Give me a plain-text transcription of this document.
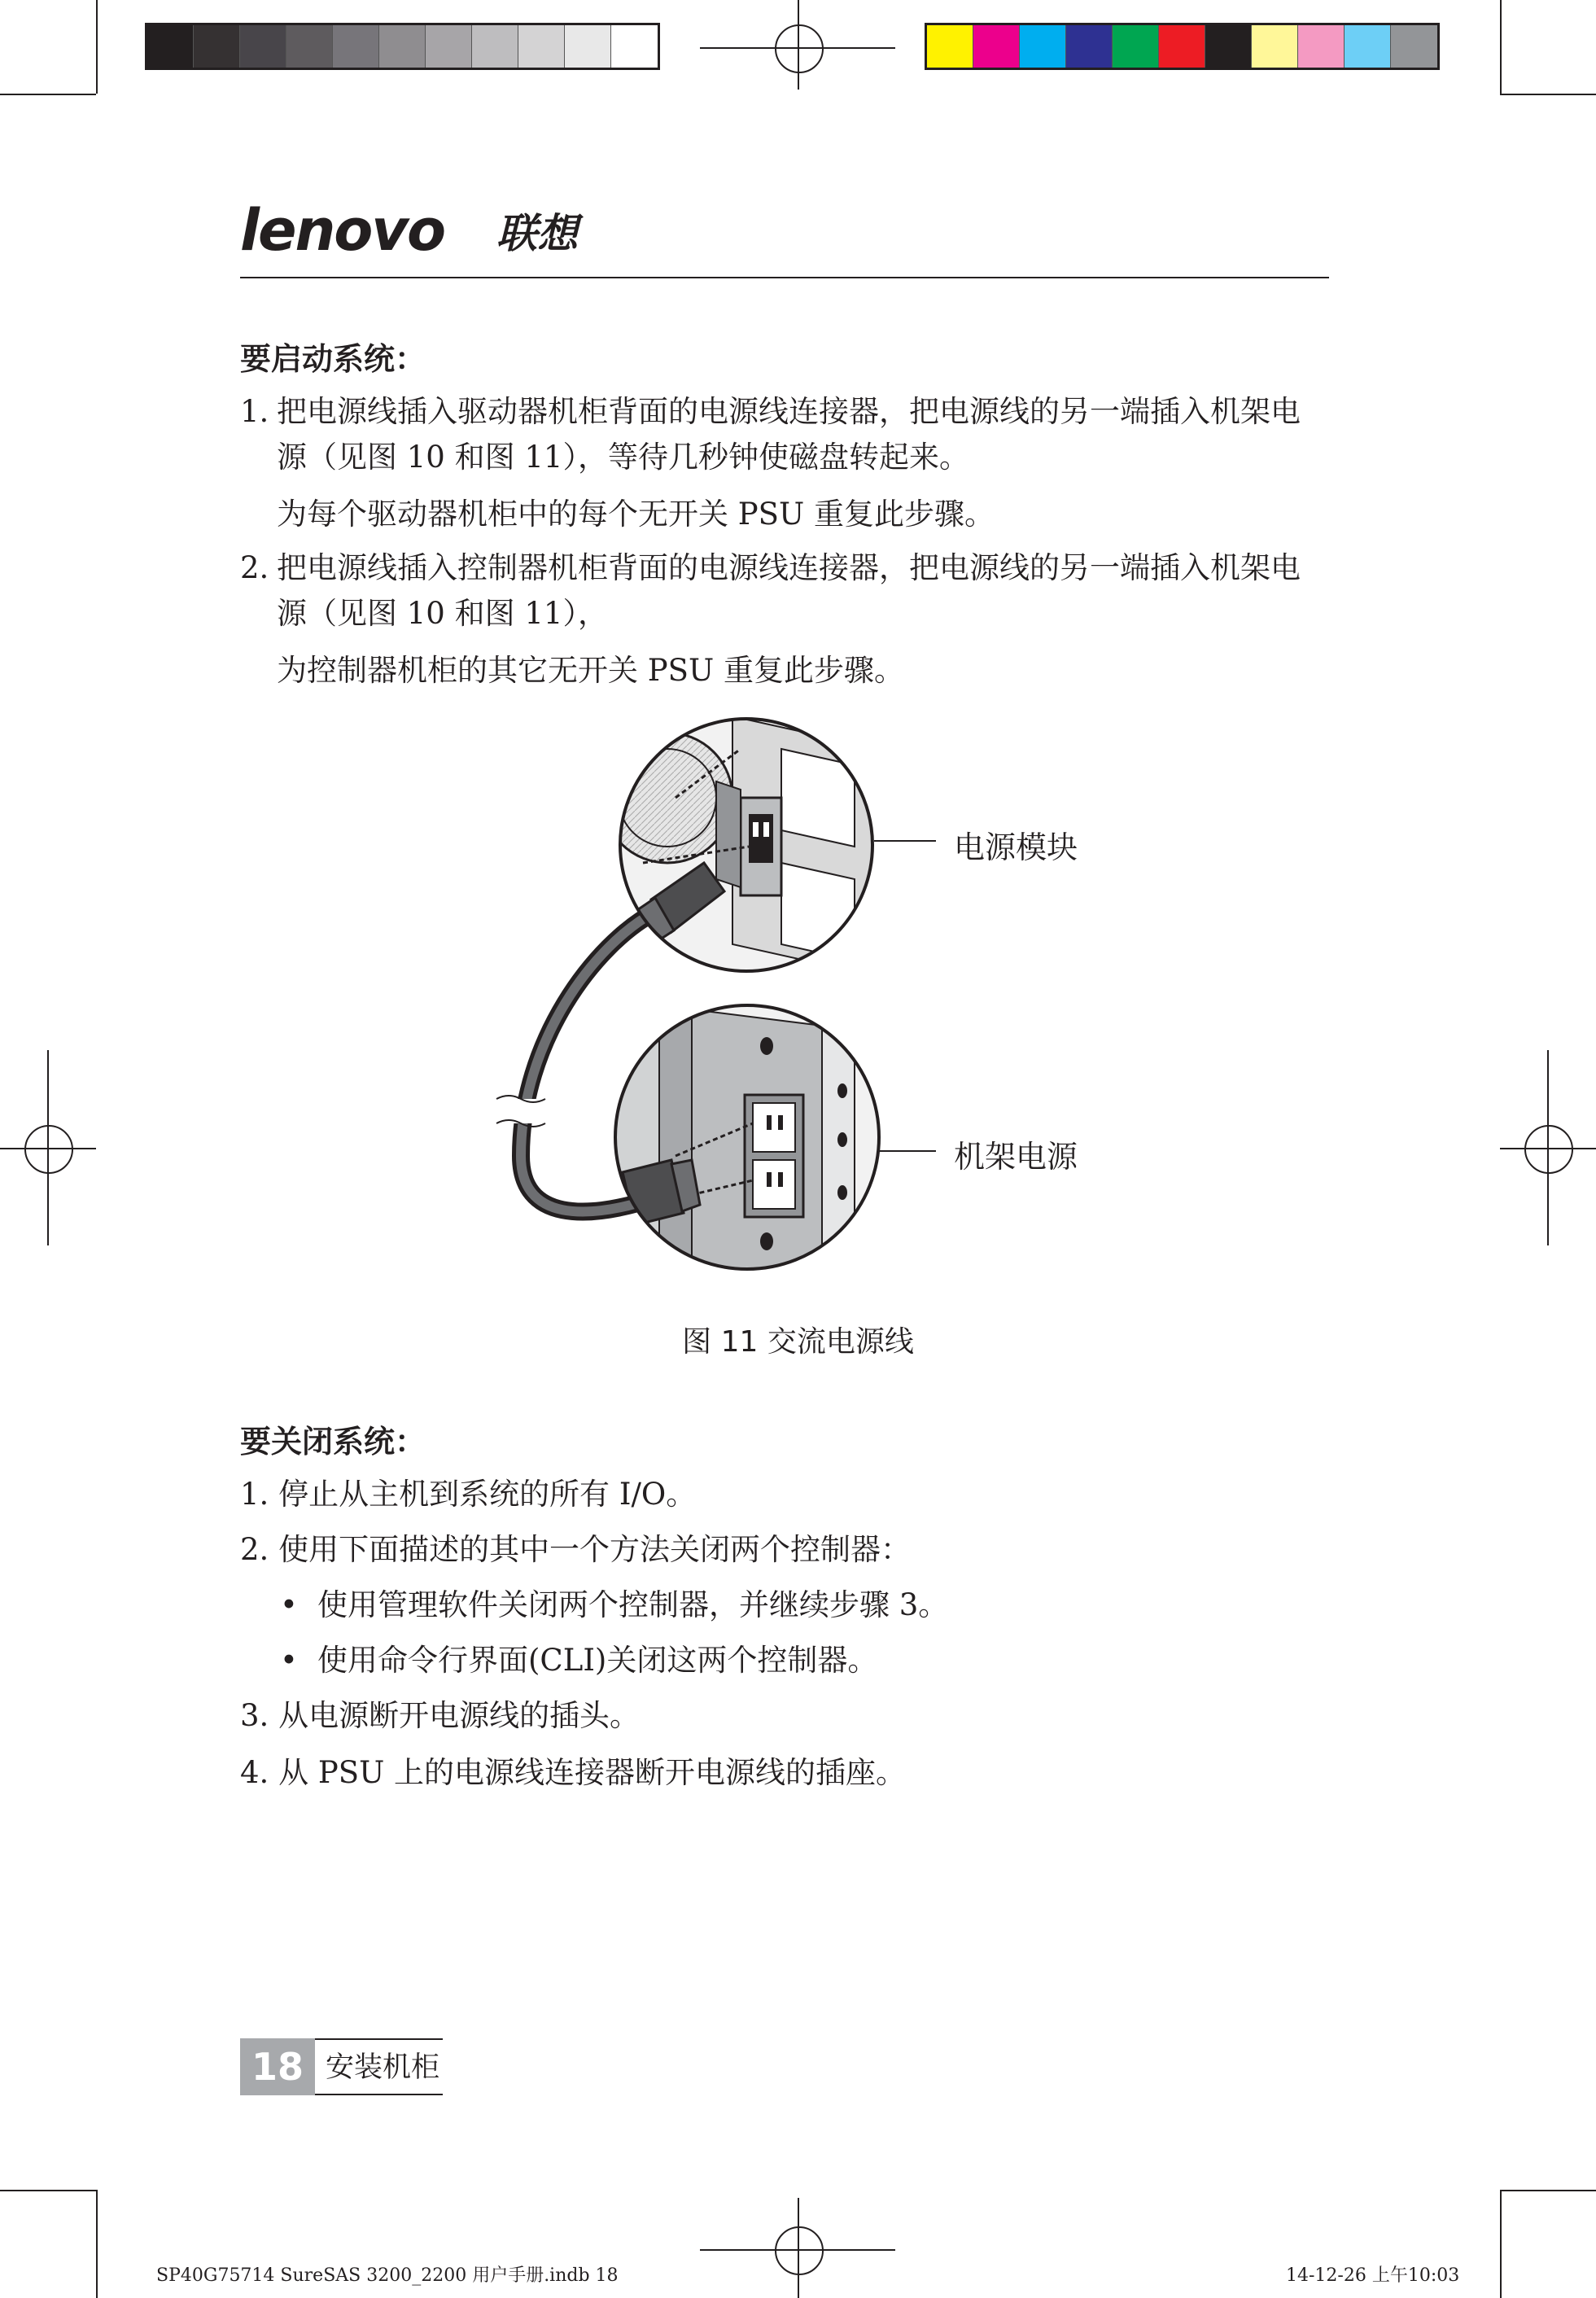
lenovo 联想
要启动系统：
1. 把电源线插入驱动器机柜背面的电源线连接器，把电源线的另一端插入机架电
源（见图 10 和图 11），等待几秒钟使磁盘转起来。
为每个驱动器机柜中的每个无开关 PSU 重复此步骤。
2. 把电源线插入控制器机柜背面的电源线连接器，把电源线的另一端插入机架电
源（见图 10 和图 11），
为控制器机柜的其它无开关 PSU 重复此步骤。
电源模块
机架电源
图 11 交流电源线
要关闭系统：
1. 停止从主机到系统的所有 I/O。
2. 使用下面描述的其中一个方法关闭两个控制器：
• 使用管理软件关闭两个控制器，并继续步骤 3。
• 使用命令行界面(CLI)关闭这两个控制器。
3. 从电源断开电源线的插头。
4. 从 PSU 上的电源线连接器断开电源线的插座。
18 安装机柜
SP40G75714 SureSAS 3200_2200 用户手册.indb 18	14-12-26 上午10:03
